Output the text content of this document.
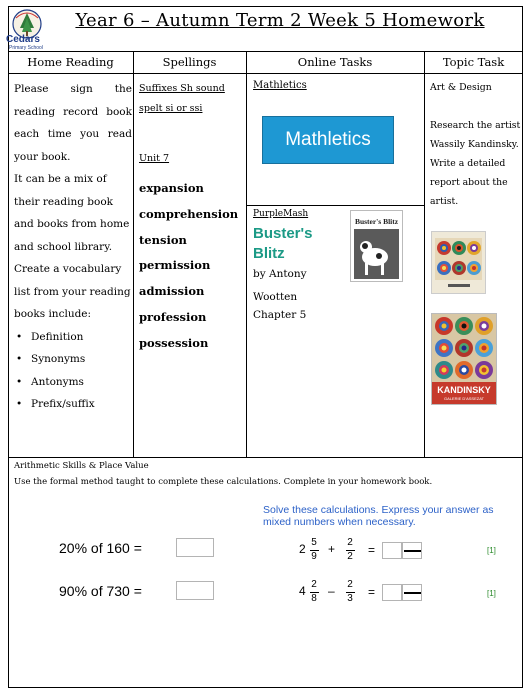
Cedars
Primary School
Year 6 – Autumn Term 2 Week 5 Homework
Home Reading	Spellings	Online Tasks	Topic Task
Please sign the reading record book each time you read your book.
It can be a mix of their reading book and books from home and school library.
Create a vocabulary list from your reading books include:
• Definition
• Synonyms
• Antonyms
• Prefix/suffix
Suffixes Sh sound spelt si or ssi
Unit 7
expansion
comprehension
tension
permission
admission
profession
possession
Mathletics
Mathletics
PurpleMash
Buster's Blitz
by Antony Wootten
Chapter 5
Buster's Blitz
Art & Design
Research the artist Wassily Kandinsky. Write a detailed report about the artist.
KANDINSKY
GALERIE D'ASSEZAT
Arithmetic Skills & Place Value
Use the formal method taught to complete these calculations. Complete in your homework book.
Solve these calculations. Express your answer as mixed numbers when necessary.
20% of 160 =
90% of 730 =
2 5
9
+ 2
2 =	[1]
4 2
8
– 2
3 =	[1]
